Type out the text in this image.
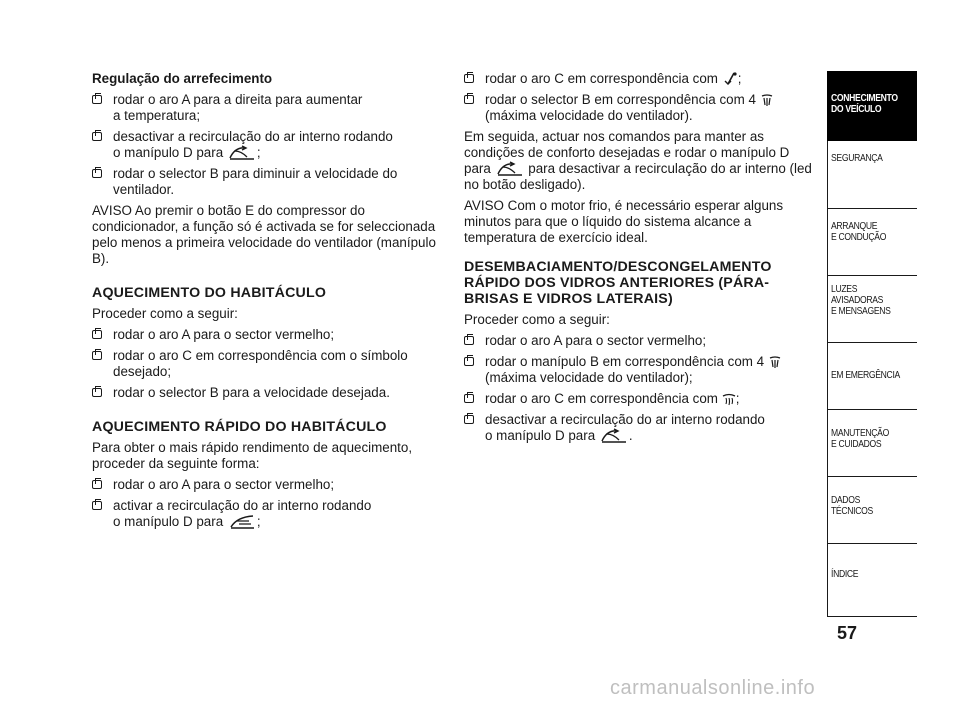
Regulação do arrefecimento
rodar o aro A para a direita para aumentar
a temperatura;
desactivar a recirculação do ar interno rodando
o manípulo D para	;
rodar o selector B para diminuir a velocidade do
ventilador.
AVISO Ao premir o botão E do compressor do condicionador, a função só é activada se for seleccionada pelo menos a primeira velocidade do ventilador (manípulo B).
AQUECIMENTO DO HABITÁCULO
Proceder como a seguir:
rodar o aro A para o sector vermelho;
rodar o aro C em correspondência com o símbolo
desejado;
rodar o selector B para a velocidade desejada.
AQUECIMENTO RÁPIDO DO HABITÁCULO
Para obter o mais rápido rendimento de aquecimento, proceder da seguinte forma:
rodar o aro A para o sector vermelho;
activar a recirculação do ar interno rodando
o manípulo D para	;
rodar o aro C em correspondência com ;
rodar o selector B em correspondência com 4
(máxima velocidade do ventilador).
Em seguida, actuar nos comandos para manter as condições de conforto desejadas e rodar o manípulo D para	para desactivar a recirculação do ar interno (led no botão desligado).
AVISO Com o motor frio, é necessário esperar alguns minutos para que o líquido do sistema alcance a temperatura de exercício ideal.
DESEMBACIAMENTO/DESCONGELAMENTO RÁPIDO DOS VIDROS ANTERIORES (PÁRA-BRISAS E VIDROS LATERAIS)
Proceder como a seguir:
rodar o aro A para o sector vermelho;
rodar o manípulo B em correspondência com 4
(máxima velocidade do ventilador);
rodar o aro C em correspondência com ;
desactivar a recirculação do ar interno rodando
o manípulo D para	.
CONHECIMENTO
DO VEÍCULO
SEGURANÇA
ARRANQUE
E CONDUÇÃO
LUZES
AVISADORAS
E MENSAGENS
EM EMERGÊNCIA
MANUTENÇÃO
E CUIDADOS
DADOS
TÉCNICOS
ÍNDICE
57
carmanualsonline.info
